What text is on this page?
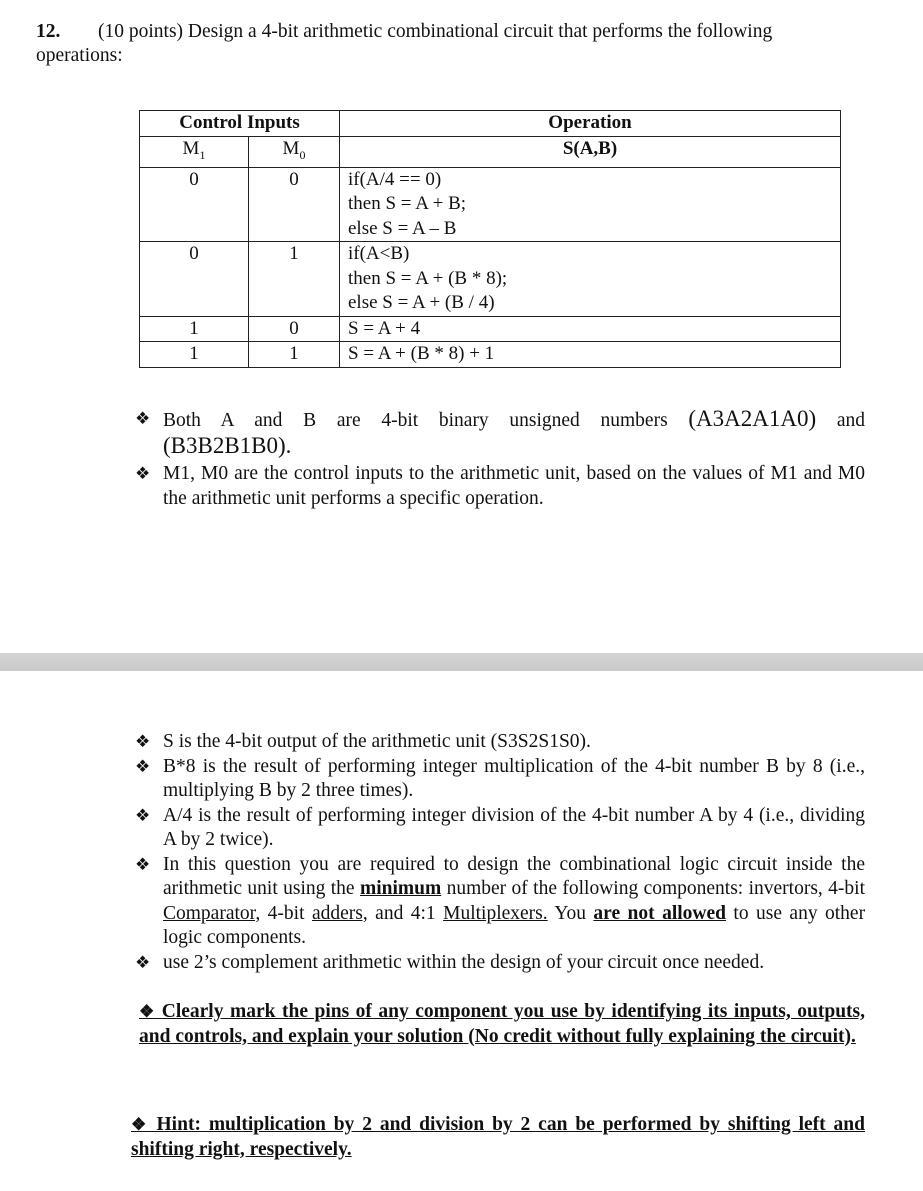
12. (10 points) Design a 4-bit arithmetic combinational circuit that performs the following operations:
Control Inputs		Operation
$M_1$	$M_0$	S(A,B)
0	0	if(A/4 == 0)
then S = A + B;
else S = A – B

0	1	if(A<B)
then S = A + (B * 8);
else S = A + (B / 4)

1	0	S = A + 4

1	1	S = A + (B * 8) + 1
❖ Both A and B are 4-bit binary unsigned numbers (A3A2A1A0) and
(B3B2B1B0).
❖ M1, M0 are the control inputs to the arithmetic unit, based on the values of M1 and M0 the arithmetic unit performs a specific operation.
❖ S is the 4-bit output of the arithmetic unit (S3S2S1S0).
❖ B*8 is the result of performing integer multiplication of the 4-bit number B by 8 (i.e., multiplying B by 2 three times).
❖ A/4 is the result of performing integer division of the 4-bit number A by 4 (i.e., dividing A by 2 twice).
❖ In this question you are required to design the combinational logic circuit inside the arithmetic unit using the minimum number of the following components: invertors, 4-bit Comparator, 4-bit adders, and 4:1 Multiplexers. You are not allowed to use any other logic components.
❖ use 2’s complement arithmetic within the design of your circuit once needed.
❖ Clearly mark the pins of any component you use by identifying its inputs, outputs, and controls, and explain your solution (No credit without fully explaining the circuit).
❖ Hint: multiplication by 2 and division by 2 can be performed by shifting left and shifting right, respectively.
